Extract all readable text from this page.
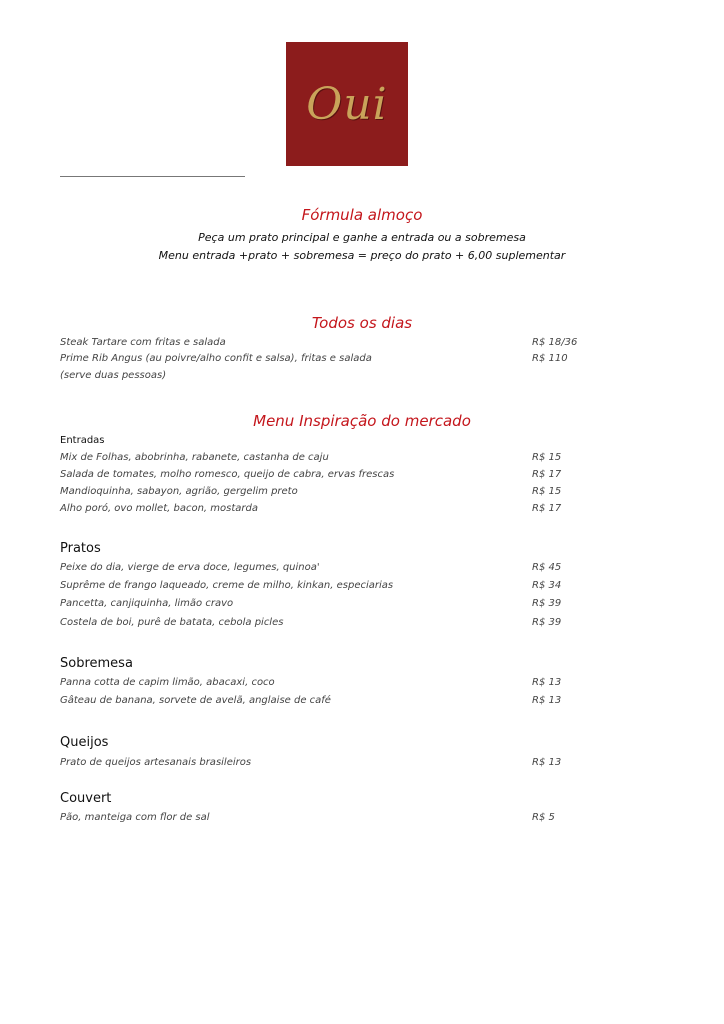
Oui
Fórmula almoço
Peça um prato principal e ganhe a entrada ou a sobremesa
Menu entrada +prato + sobremesa = preço do prato + 6,00 suplementar
Todos os dias
Steak Tartare com fritas e salada	R$ 18/36
Prime Rib Angus (au poivre/alho confit e salsa), fritas e salada	R$ 110
(serve duas pessoas)
Menu Inspiração do mercado
Entradas
Mix de Folhas, abobrinha, rabanete, castanha de caju	R$ 15
Salada de tomates, molho romesco, queijo de cabra, ervas frescas	R$ 17
Mandioquinha, sabayon, agrião, gergelim preto	R$ 15
Alho poró, ovo mollet, bacon, mostarda	R$ 17
Pratos
Peixe do dia, vierge de erva doce, legumes, quinoa'	R$ 45
Suprême de frango laqueado, creme de milho, kinkan, especiarias	R$ 34
Pancetta, canjiquinha, limão cravo	R$ 39
Costela de boi, purê de batata, cebola picles	R$ 39
Sobremesa
Panna cotta de capim limão, abacaxi, coco	R$ 13
Gâteau de banana, sorvete de avelã, anglaise de café	R$ 13
Queijos
Prato de queijos artesanais brasileiros	R$ 13
Couvert
Pão, manteiga com flor de sal	R$ 5
